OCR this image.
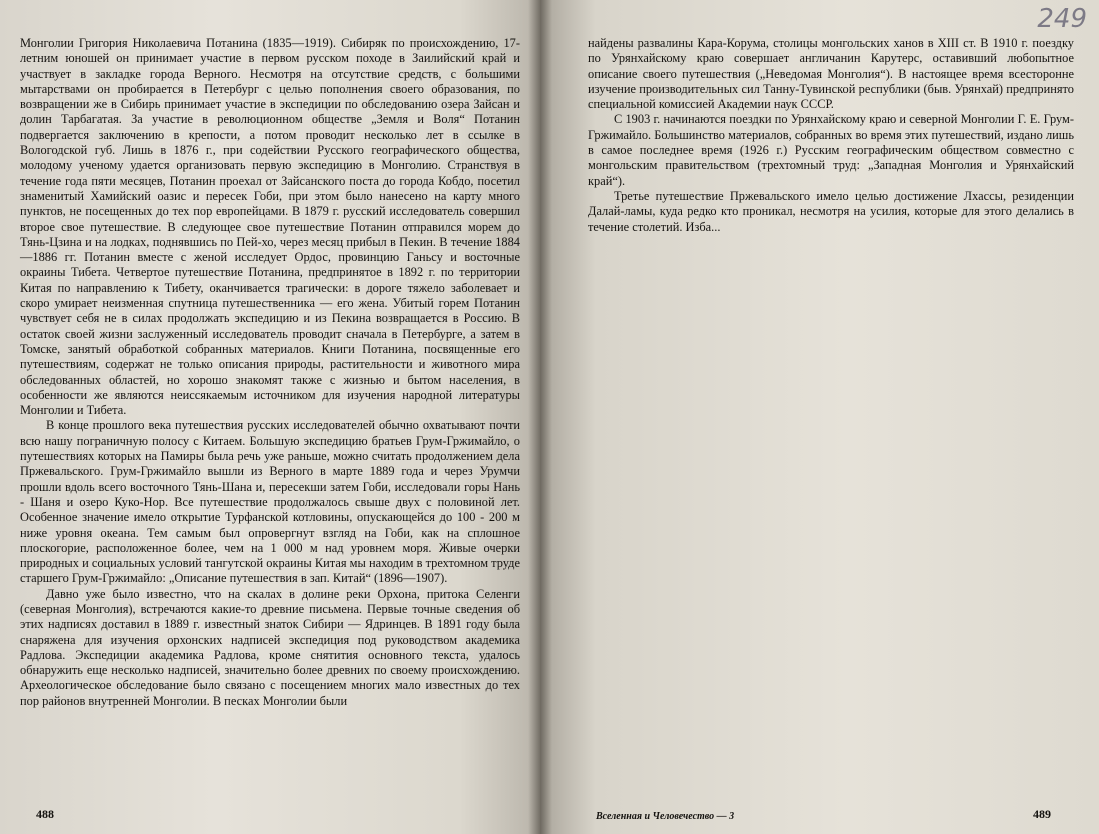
Монголии Григория Николаевича Потанина (1835—1919). Сибиряк по происхождению, 17-летним юношей он принимает участие в первом русском походе в Заилийский край и участвует в закладке города Верного. Несмотря на отсутствие средств, с большими мытарствами он пробирается в Петербург с целью пополнения своего образования, по возвращении же в Сибирь принимает участие в экспедиции по обследованию озера Зайсан и долин Тарбагатая. За участие в революционном обществе „Земля и Воля“ Потанин подвергается заключению в крепости, а потом проводит несколько лет в ссылке в Вологодской губ. Лишь в 1876 г., при содействии Русского географического общества, молодому ученому удается организовать первую экспедицию в Монголию. Странствуя в течение года пяти месяцев, Потанин проехал от Зайсанского поста до города Кобдо, посетил знаменитый Хамийский оазис и пересек Гоби, при этом было нанесено на карту много пунктов, не посещенных до тех пор европейцами. В 1879 г. русский исследователь совершил второе свое путешествие. В следующее свое путешествие Потанин отправился морем до Тянь-Цзина и на лодках, поднявшись по Пей-хо, через месяц прибыл в Пекин. В течение 1884—1886 гг. Потанин вместе с женой исследует Ордос, провинцию Ганьсу и восточные окраины Тибета. Четвертое путешествие Потанина, предпринятое в 1892 г. по территории Китая по направлению к Тибету, оканчивается трагически: в дороге тяжело заболевает и скоро умирает неизменная спутница путешественника — его жена. Убитый горем Потанин чувствует себя не в силах продолжать экспедицию и из Пекина возвращается в Россию. В остаток своей жизни заслуженный исследователь проводит сначала в Петербурге, а затем в Томске, занятый обработкой собранных материалов. Книги Потанина, посвященные его путешествиям, содержат не только описания природы, растительности и животного мира обследованных областей, но хорошо знакомят также с жизнью и бытом населения, в особенности же являются неиссякаемым источником для изучения народной литературы Монголии и Тибета.

В конце прошлого века путешествия русских исследователей обычно охватывают почти всю нашу пограничную полосу с Китаем. Большую экспедицию братьев Грум-Гржимайло, о путешествиях которых на Памиры была речь уже раньше, можно считать продолжением дела Пржевальского. Грум-Гржимайло вышли из Верного в марте 1889 года и через Урумчи прошли вдоль всего восточного Тянь-Шана и, пересекши затем Гоби, исследовали горы Нань - Шаня и озеро Куко-Нор. Все путешествие продолжалось свыше двух с половиной лет. Особенное значение имело открытие Турфанской котловины, опускающейся до 100 - 200 м ниже уровня океана. Тем самым был опровергнут взгляд на Гоби, как на сплошное плоскогорие, расположенное более, чем на 1 000 м над уровнем моря. Живые очерки природных и социальных условий тангутской окраины Китая мы находим в трехтомном труде старшего Грум-Гржимайло: „Описание путешествия в зап. Китай“ (1896—1907).

Давно уже было известно, что на скалах в долине реки Орхона, притока Селенги (северная Монголия), встречаются какие-то древние письмена. Первые точные сведения об этих надписях доставил в 1889 г. известный знаток Сибири — Ядринцев. В 1891 году была снаряжена для изучения орхонских надписей экспедиция под руководством академика Радлова. Экспедиции академика Радлова, кроме снятития основного текста, удалось обнаружить еще несколько надписей, значительно более древних по своему происхождению. Археологическое обследование было связано с посещением многих мало известных до тех пор районов внутренней Монголии. В песках Монголии были

488
249

найдены развалины Кара-Корума, столицы монгольских ханов в XIII ст. В 1910 г. поездку по Урянхайскому краю совершает англичанин Карутерс, оставивший любопытное описание своего путешествия („Неведомая Монголия“). В настоящее время всесторонне изучение производительных сил Танну-Тувинской республики (быв. Урянхай) предпринято специальной комиссией Академии наук СССР.

С 1903 г. начинаются поездки по Урянхайскому краю и северной Монголии Г. Е. Грум-Гржимайло. Большинство материалов, собранных во время этих путешествий, издано лишь в самое последнее время (1926 г.) Русским географическим обществом совместно с монгольским правительством (трехтомный труд: „Западная Монголия и Урянхайский край“).

Третье путешествие Пржевальского имело целью достижение Лхассы, резиденции Далай-ламы, куда редко кто проникал, несмотря на усилия, которые для этого делались в течение столетий. Изба...

Вселенная и Человечество — 3	489
